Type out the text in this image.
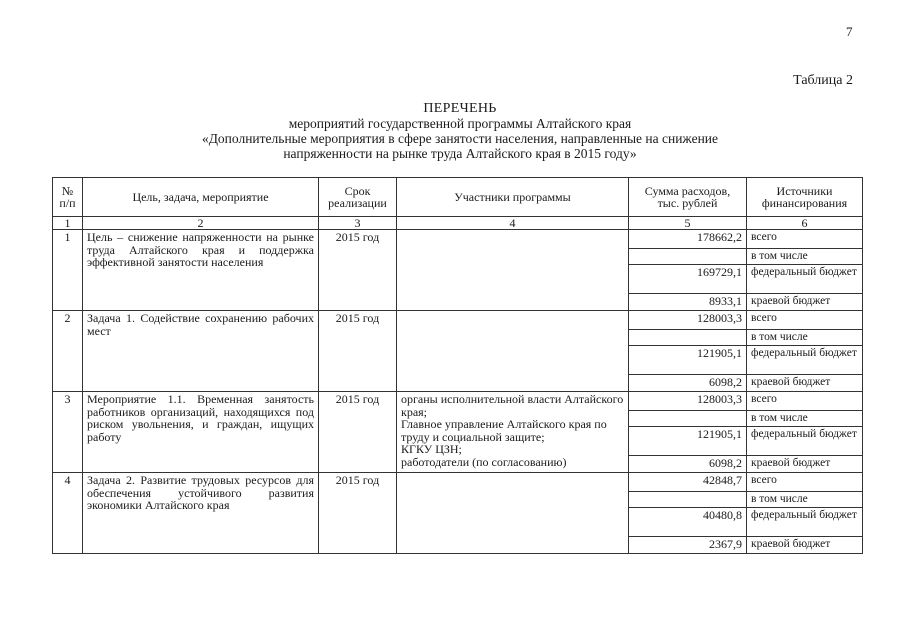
7
Таблица 2
ПЕРЕЧЕНЬ
мероприятий государственной программы Алтайского края
«Дополнительные мероприятия в сфере занятости населения, направленные на снижение
напряженности на рынке труда Алтайского края в 2015 году»
№ п/п	Цель, задача, мероприятие	Срок реализации	Участники программы	Сумма расходов, тыс. рублей	Источники финансирования
1	2	3	4	5	6
1	Цель – снижение напряженности на рынке труда Алтайского края и поддержка эффективной занятости населения	2015 год		178662,2	всего
					в том числе
				169729,1	федеральный бюджет
				8933,1	краевой бюджет
2	Задача 1. Содействие сохранению рабочих мест	2015 год		128003,3	всего
					в том числе
				121905,1	федеральный бюджет
				6098,2	краевой бюджет
3	Мероприятие 1.1. Временная занятость работников организаций, находящихся под риском увольнения, и граждан, ищущих работу	2015 год	органы исполнительной власти Алтайского края;
Главное управление Алтайского края по труду и социальной защите;
КГКУ ЦЗН;
работодатели (по согласованию)	128003,3	всего
					в том числе
				121905,1	федеральный бюджет
				6098,2	краевой бюджет
4	Задача 2. Развитие трудовых ресурсов для обеспечения устойчивого развития экономики Алтайского края	2015 год		42848,7	всего
					в том числе
				40480,8	федеральный бюджет
				2367,9	краевой бюджет
